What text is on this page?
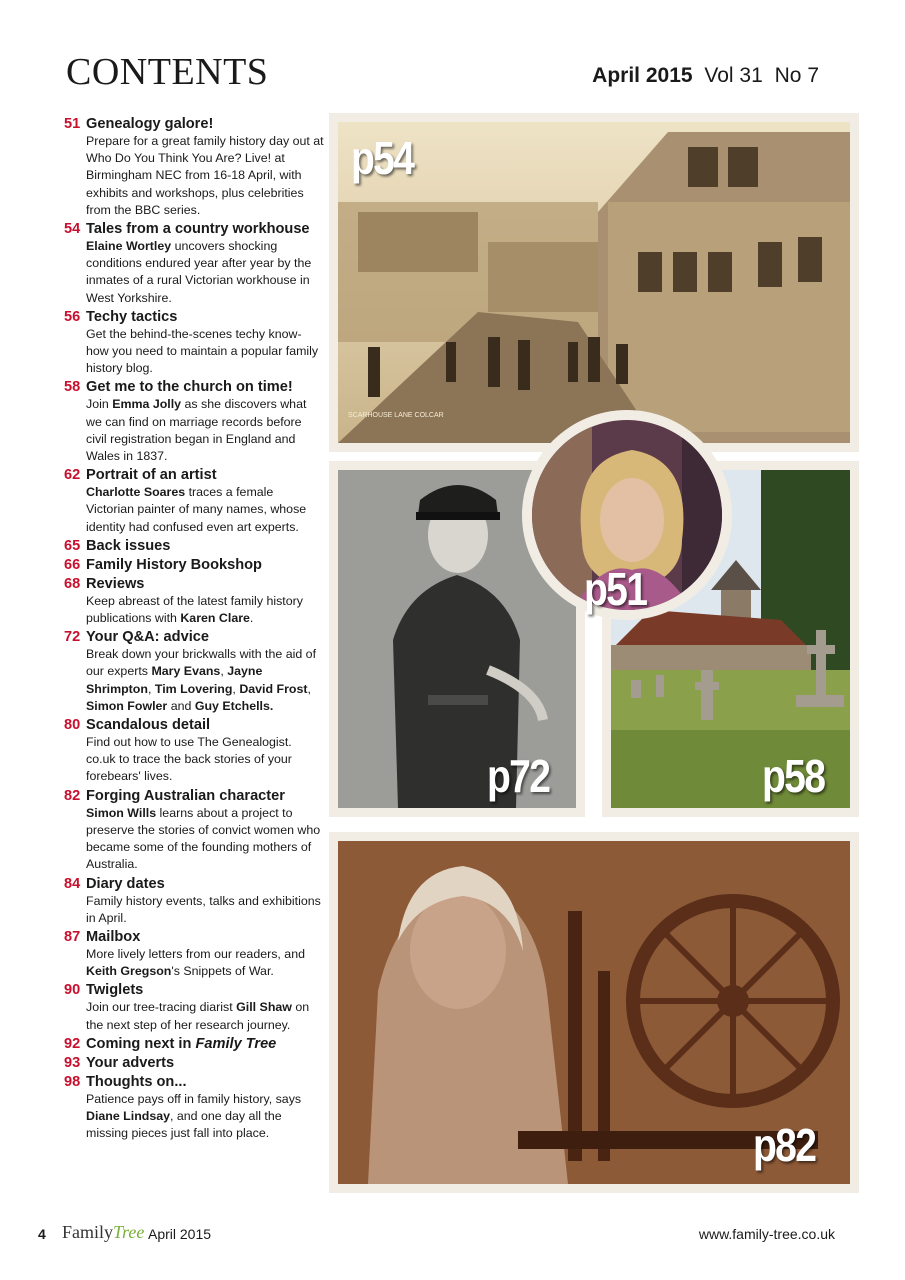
CONTENTS	April 2015 Vol 31 No 7
51 Genealogy galore!
Prepare for a great family history day out at Who Do You Think You Are? Live! at Birmingham NEC from 16-18 April, with exhibits and workshops, plus celebrities from the BBC series.
54 Tales from a country workhouse
Elaine Wortley uncovers shocking conditions endured year after year by the inmates of a rural Victorian workhouse in West Yorkshire.
56 Techy tactics
Get the behind-the-scenes techy know-how you need to maintain a popular family history blog.
58 Get me to the church on time!
Join Emma Jolly as she discovers what we can find on marriage records before civil registration began in England and Wales in 1837.
62 Portrait of an artist
Charlotte Soares traces a female Victorian painter of many names, whose identity had confused even art experts.
65 Back issues
66 Family History Bookshop
68 Reviews
Keep abreast of the latest family history publications with Karen Clare.
72 Your Q&A: advice
Break down your brickwalls with the aid of our experts Mary Evans, Jayne Shrimpton, Tim Lovering, David Frost, Simon Fowler and Guy Etchells.
80 Scandalous detail
Find out how to use The Genealogist. co.uk to trace the back stories of your forebears' lives.
82 Forging Australian character
Simon Wills learns about a project to preserve the stories of convict women who became some of the founding mothers of Australia.
84 Diary dates
Family history events, talks and exhibitions in April.
87 Mailbox
More lively letters from our readers, and Keith Gregson's Snippets of War.
90 Twiglets
Join our tree-tracing diarist Gill Shaw on the next step of her research journey.
92 Coming next in Family Tree
93 Your adverts
98 Thoughts on...
Patience pays off in family history, says Diane Lindsay, and one day all the missing pieces just fall into place.
SCARHOUSE LANE COLCAR
p54
p72	p58
p51
p82
4 FamilyTree April 2015	www.family-tree.co.uk
